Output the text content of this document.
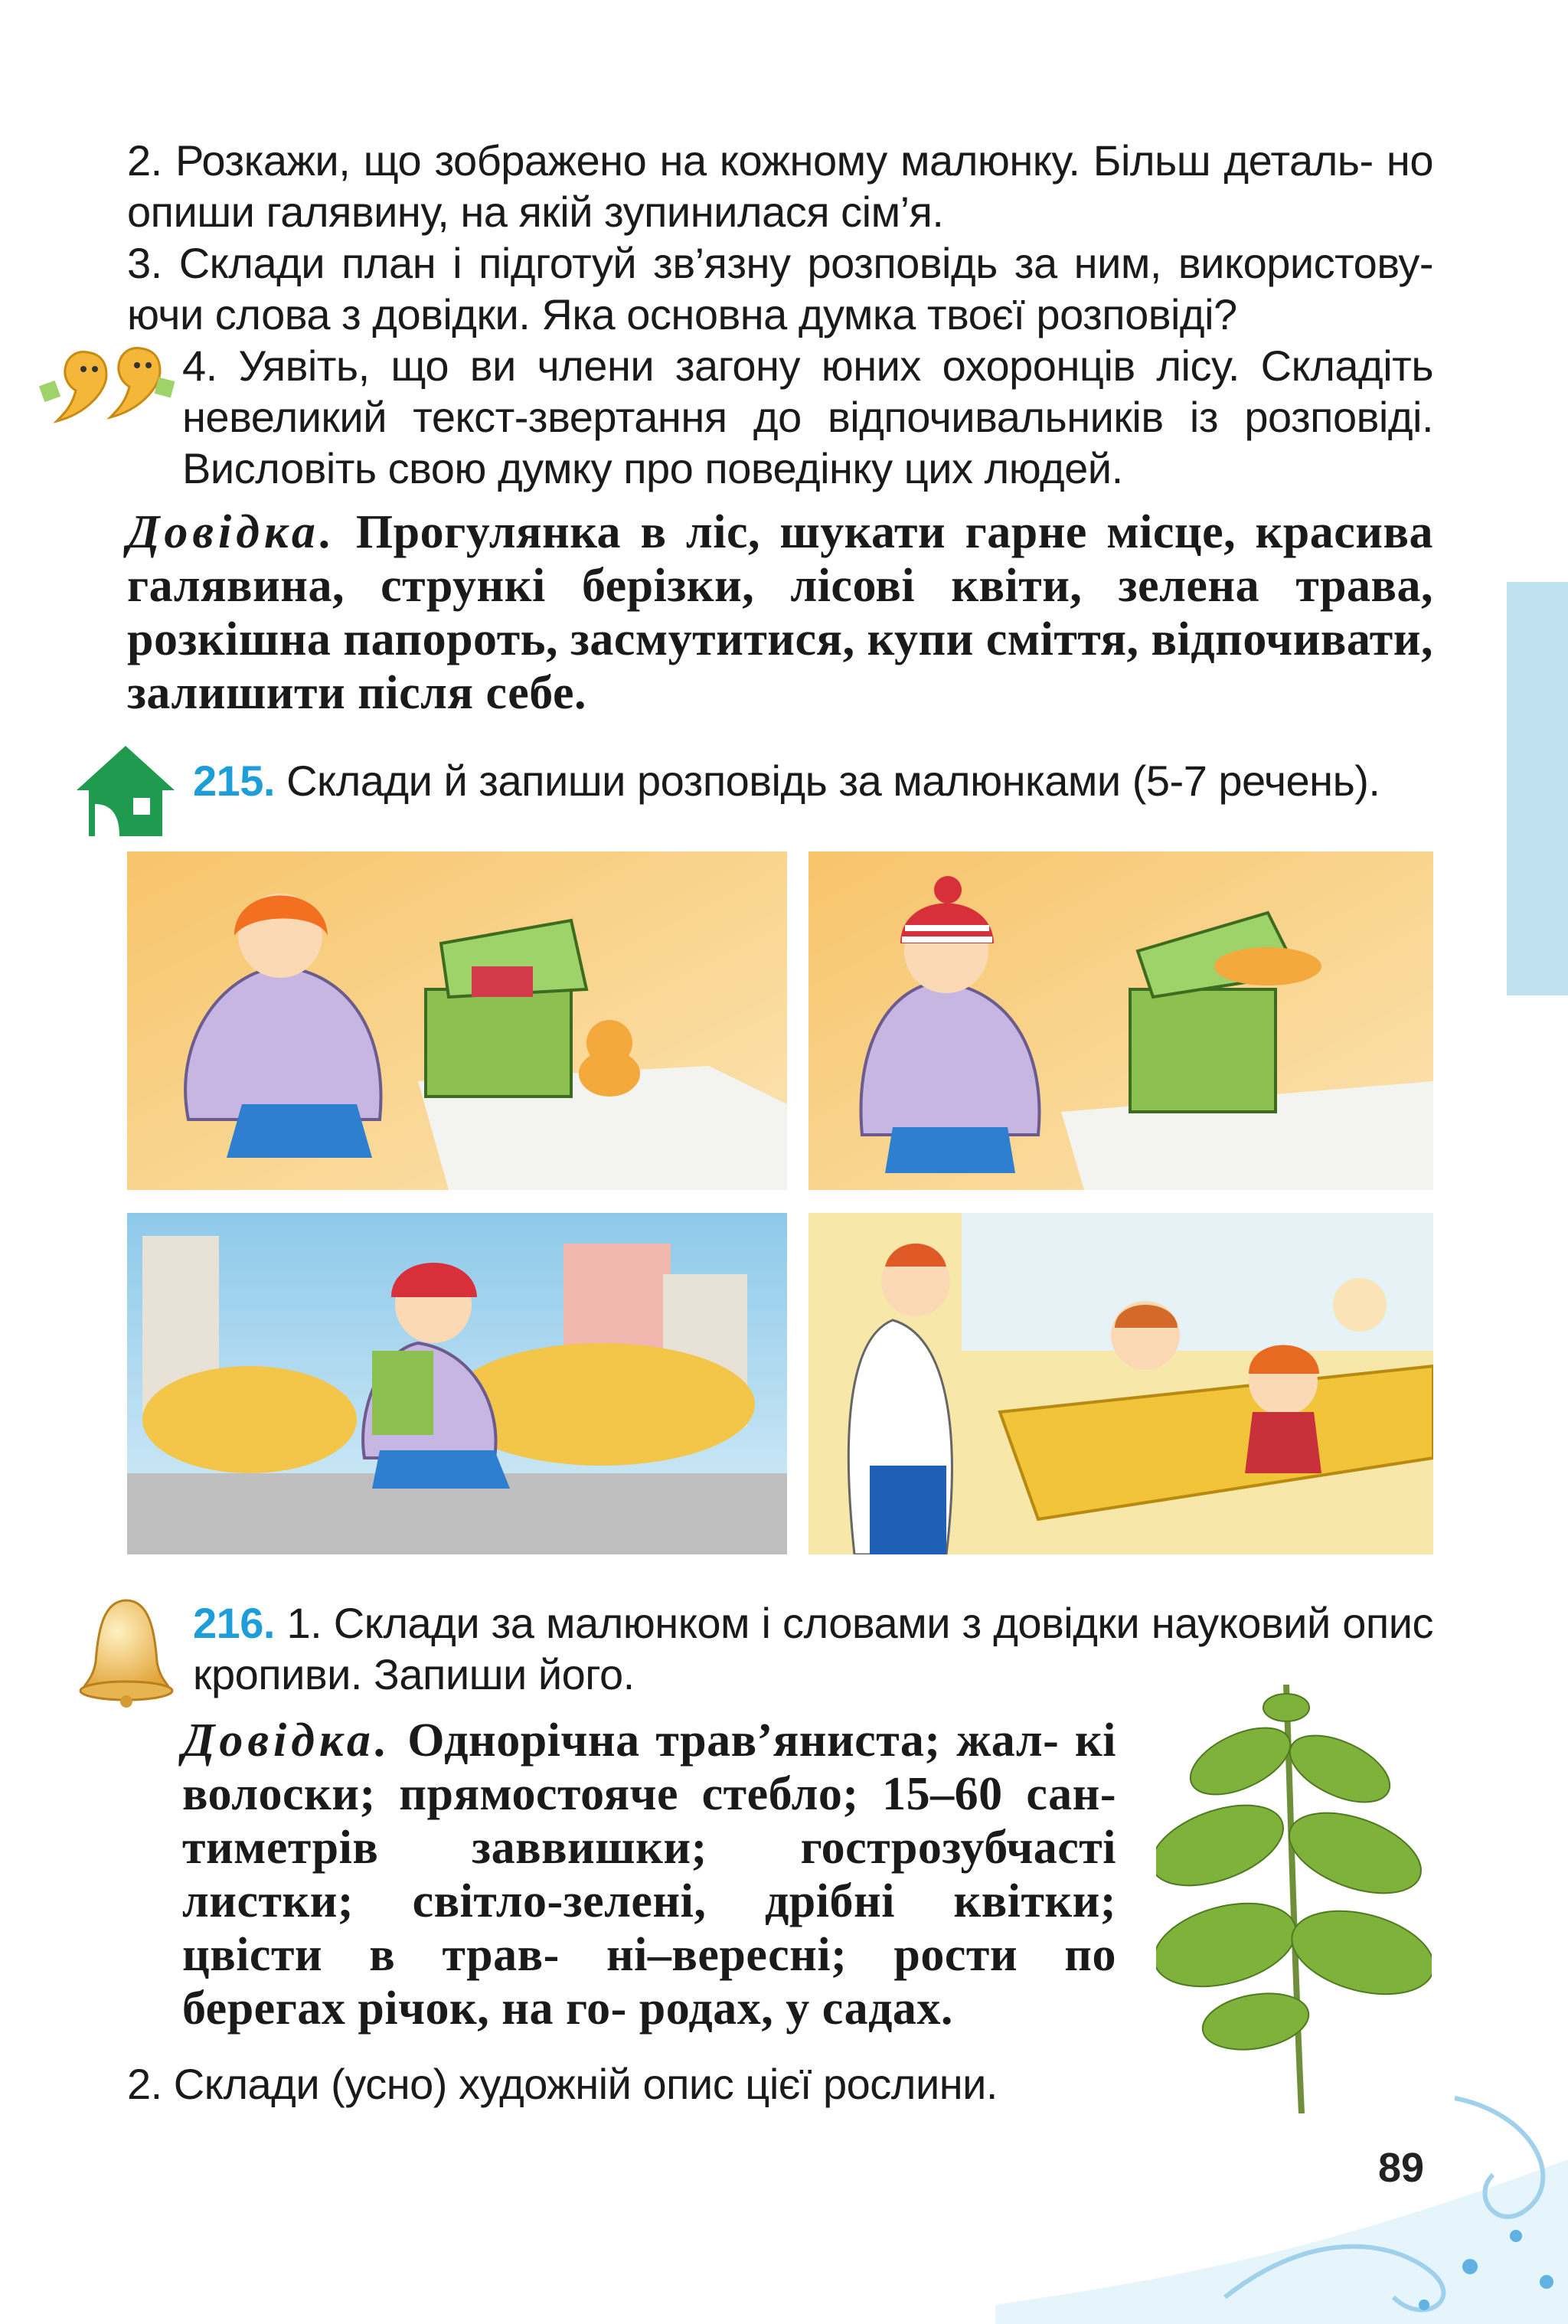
2. Розкажи, що зображено на кожному малюнку. Більш деталь- но опиши галявину, на якій зупинилася сім’я.
3. Склади план і підготуй зв’язну розповідь за ним, використову- ючи слова з довідки. Яка основна думка твоєї розповіді?
4. Уявіть, що ви члени загону юних охоронців лісу. Складіть невеликий текст-звертання до відпочивальників із розповіді. Висловіть свою думку про поведінку цих людей.
Довідка. Прогулянка в ліс, шукати гарне місце, красива галявина, стрункі берізки, лісові квіти, зелена трава, розкішна папороть, засмутитися, купи сміття, відпочивати, залишити після себе.
215. Склади й запиши розповідь за малюнками (5-7 речень).
216. 1. Склади за малюнком і словами з довідки науковий опис кропиви. Запиши його.
Довідка. Однорічна трав’яниста; жал- кі волоски; прямостояче стебло; 15–60 сан- тиметрів заввишки; гострозубчасті листки; світло-зелені, дрібні квітки; цвісти в трав- ні–вересні; рости по берегах річок, на го- родах, у садах.
2. Склади (усно) художній опис цієї рослини.
89
